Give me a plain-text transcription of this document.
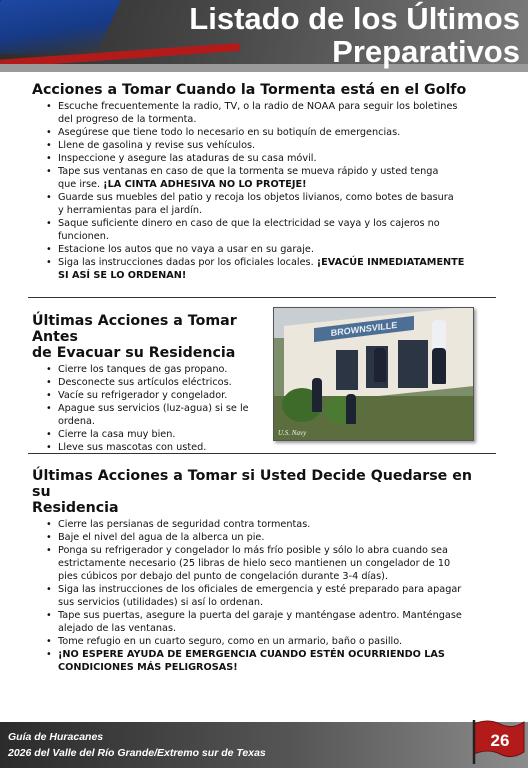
Listado de los Últimos
Preparativos
Acciones a Tomar Cuando la Tormenta está en el Golfo
• Escuche frecuentemente la radio, TV, o la radio de NOAA para seguir los boletines
del progreso de la tormenta.
• Asegúrese que tiene todo lo necesario en su botiquín de emergencias.
• Llene de gasolina y revise sus vehículos.
• Inspeccione y asegure las ataduras de su casa móvil.
• Tape sus ventanas en caso de que la tormenta se mueva rápido y usted tenga
que irse. ¡LA CINTA ADHESIVA NO LO PROTEJE!
• Guarde sus muebles del patio y recoja los objetos livianos, como botes de basura
y herramientas para el jardín.
• Saque suficiente dinero en caso de que la electricidad se vaya y los cajeros no
funcionen.
• Estacione los autos que no vaya a usar en su garaje.
• Siga las instrucciones dadas por los oficiales locales. ¡EVACÚE INMEDIATAMENTE
SI ASÍ SE LO ORDENAN!
Últimas Acciones a Tomar Antes
de Evacuar su Residencia
• Cierre los tanques de gas propano.
• Desconecte sus artículos eléctricos.
• Vacíe su refrigerador y congelador.
• Apague sus servicios (luz-agua) si se le
ordena.
• Cierre la casa muy bien.
• Lleve sus mascotas con usted.
BROWNSVILLE
U.S. Navy
Últimas Acciones a Tomar si Usted Decide Quedarse en su
Residencia
• Cierre las persianas de seguridad contra tormentas.
• Baje el nivel del agua de la alberca un pie.
• Ponga su refrigerador y congelador lo más frío posible y sólo lo abra cuando sea
estrictamente necesario (25 libras de hielo seco mantienen un congelador de 10
pies cúbicos por debajo del punto de congelación durante 3-4 días).
• Siga las instrucciones de los oficiales de emergencia y esté preparado para apagar
sus servicios (utilidades) si así lo ordenan.
• Tape sus puertas, asegure la puerta del garaje y manténgase adentro. Manténgase
alejado de las ventanas.
• Tome refugio en un cuarto seguro, como en un armario, baño o pasillo.
• ¡NO ESPERE AYUDA DE EMERGENCIA CUANDO ESTÉN OCURRIENDO LAS
CONDICIONES MÁS PELIGROSAS!
Guía de Huracanes
2026 del Valle del Río Grande/Extremo sur de Texas
26
